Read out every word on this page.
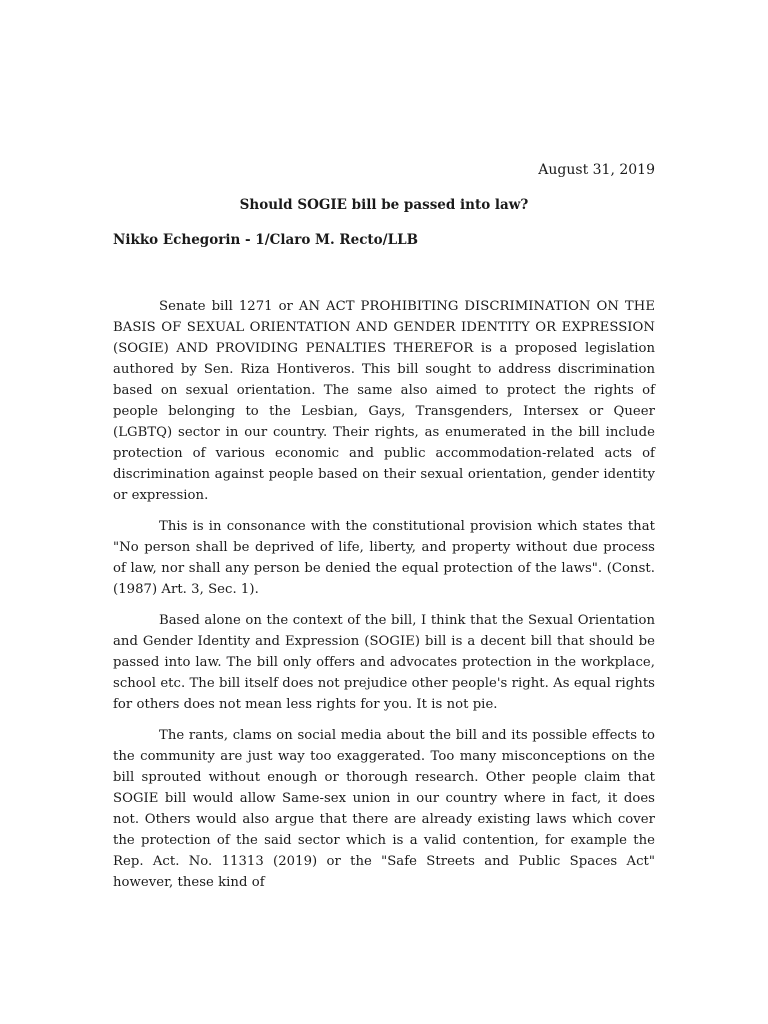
August 31, 2019
Should SOGIE bill be passed into law?
Nikko Echegorin - 1/Claro M. Recto/LLB

Senate bill 1271 or AN ACT PROHIBITING DISCRIMINATION ON THE BASIS OF SEXUAL ORIENTATION AND GENDER IDENTITY OR EXPRESSION (SOGIE) AND PROVIDING PENALTIES THEREFOR is a proposed legislation authored by Sen. Riza Hontiveros. This bill sought to address discrimination based on sexual orientation. The same also aimed to protect the rights of people belonging to the Lesbian, Gays, Transgenders, Intersex or Queer (LGBTQ) sector in our country. Their rights, as enumerated in the bill include protection of various economic and public accommodation-related acts of discrimination against people based on their sexual orientation, gender identity or expression.

This is in consonance with the constitutional provision which states that "No person shall be deprived of life, liberty, and property without due process of law, nor shall any person be denied the equal protection of the laws". (Const. (1987) Art. 3, Sec. 1).

Based alone on the context of the bill, I think that the Sexual Orientation and Gender Identity and Expression (SOGIE) bill is a decent bill that should be passed into law. The bill only offers and advocates protection in the workplace, school etc. The bill itself does not prejudice other people's right. As equal rights for others does not mean less rights for you. It is not pie.

The rants, clams on social media about the bill and its possible effects to the community are just way too exaggerated. Too many misconceptions on the bill sprouted without enough or thorough research. Other people claim that SOGIE bill would allow Same-sex union in our country where in fact, it does not. Others would also argue that there are already existing laws which cover the protection of the said sector which is a valid contention, for example the Rep. Act. No. 11313 (2019) or the "Safe Streets and Public Spaces Act" however, these kind of
